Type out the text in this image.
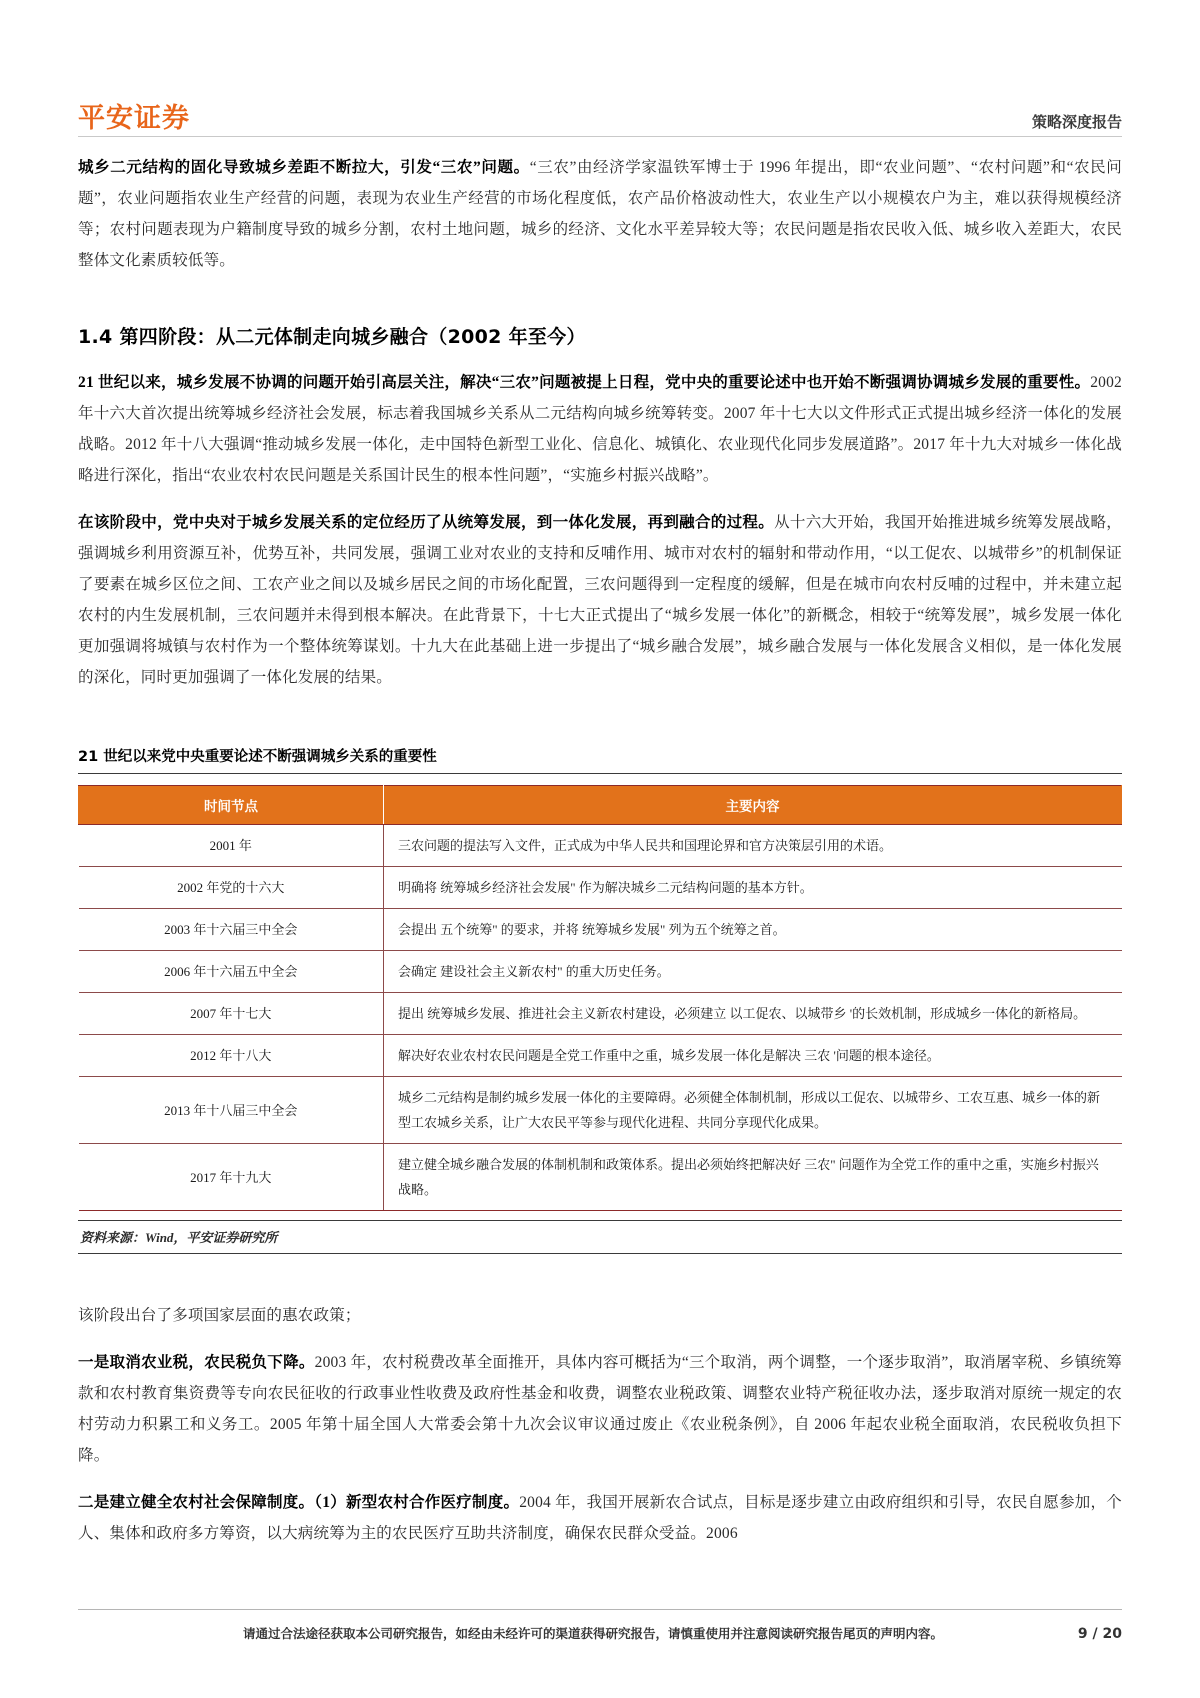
平安证券	策略深度报告

城乡二元结构的固化导致城乡差距不断拉大，引发“三农”问题。“三农”由经济学家温铁军博士于 1996 年提出，即“农业问题”、“农村问题”和“农民问题”，农业问题指农业生产经营的问题，表现为农业生产经营的市场化程度低，农产品价格波动性大，农业生产以小规模农户为主，难以获得规模经济等；农村问题表现为户籍制度导致的城乡分割，农村土地问题，城乡的经济、文化水平差异较大等；农民问题是指农民收入低、城乡收入差距大，农民整体文化素质较低等。

1.4 第四阶段：从二元体制走向城乡融合（2002 年至今）

21 世纪以来，城乡发展不协调的问题开始引高层关注，解决“三农”问题被提上日程，党中央的重要论述中也开始不断强调协调城乡发展的重要性。2002 年十六大首次提出统筹城乡经济社会发展，标志着我国城乡关系从二元结构向城乡统筹转变。2007 年十七大以文件形式正式提出城乡经济一体化的发展战略。2012 年十八大强调“推动城乡发展一体化，走中国特色新型工业化、信息化、城镇化、农业现代化同步发展道路”。2017 年十九大对城乡一体化战略进行深化，指出“农业农村农民问题是关系国计民生的根本性问题”，“实施乡村振兴战略”。

在该阶段中，党中央对于城乡发展关系的定位经历了从统筹发展，到一体化发展，再到融合的过程。从十六大开始，我国开始推进城乡统筹发展战略，强调城乡利用资源互补，优势互补，共同发展，强调工业对农业的支持和反哺作用、城市对农村的辐射和带动作用，“以工促农、以城带乡”的机制保证了要素在城乡区位之间、工农产业之间以及城乡居民之间的市场化配置，三农问题得到一定程度的缓解，但是在城市向农村反哺的过程中，并未建立起农村的内生发展机制，三农问题并未得到根本解决。在此背景下，十七大正式提出了“城乡发展一体化”的新概念，相较于“统筹发展”，城乡发展一体化更加强调将城镇与农村作为一个整体统筹谋划。十九大在此基础上进一步提出了“城乡融合发展”，城乡融合发展与一体化发展含义相似，是一体化发展的深化，同时更加强调了一体化发展的结果。

21 世纪以来党中央重要论述不断强调城乡关系的重要性
时间节点	主要内容
2001 年	三农问题的提法写入文件，正式成为中华人民共和国理论界和官方决策层引用的术语。
2002 年党的十六大	明确将 统筹城乡经济社会发展" 作为解决城乡二元结构问题的基本方针。
2003 年十六届三中全会	会提出 五个统筹" 的要求，并将 统筹城乡发展" 列为五个统筹之首。
2006 年十六届五中全会	会确定 建设社会主义新农村" 的重大历史任务。
2007 年十七大	提出 统筹城乡发展、推进社会主义新农村建设，必须建立 以工促农、以城带乡 '的长效机制，形成城乡一体化的新格局。
2012 年十八大	解决好农业农村农民问题是全党工作重中之重，城乡发展一体化是解决 三农 '问题的根本途径。
2013 年十八届三中全会	城乡二元结构是制约城乡发展一体化的主要障碍。必须健全体制机制，形成以工促农、以城带乡、工农互惠、城乡一体的新型工农城乡关系，让广大农民平等参与现代化进程、共同分享现代化成果。
2017 年十九大	建立健全城乡融合发展的体制机制和政策体系。提出必须始终把解决好 三农" 问题作为全党工作的重中之重，实施乡村振兴战略。
资料来源：Wind，平安证券研究所

该阶段出台了多项国家层面的惠农政策；

一是取消农业税，农民税负下降。2003 年，农村税费改革全面推开，具体内容可概括为“三个取消，两个调整，一个逐步取消”，取消屠宰税、乡镇统筹款和农村教育集资费等专向农民征收的行政事业性收费及政府性基金和收费，调整农业税政策、调整农业特产税征收办法，逐步取消对原统一规定的农村劳动力积累工和义务工。2005 年第十届全国人大常委会第十九次会议审议通过废止《农业税条例》，自 2006 年起农业税全面取消，农民税收负担下降。

二是建立健全农村社会保障制度。（1）新型农村合作医疗制度。2004 年，我国开展新农合试点，目标是逐步建立由政府组织和引导，农民自愿参加，个人、集体和政府多方筹资，以大病统筹为主的农民医疗互助共济制度，确保农民群众受益。2006

请通过合法途径获取本公司研究报告，如经由未经许可的渠道获得研究报告，请慎重使用并注意阅读研究报告尾页的声明内容。	9 / 20
